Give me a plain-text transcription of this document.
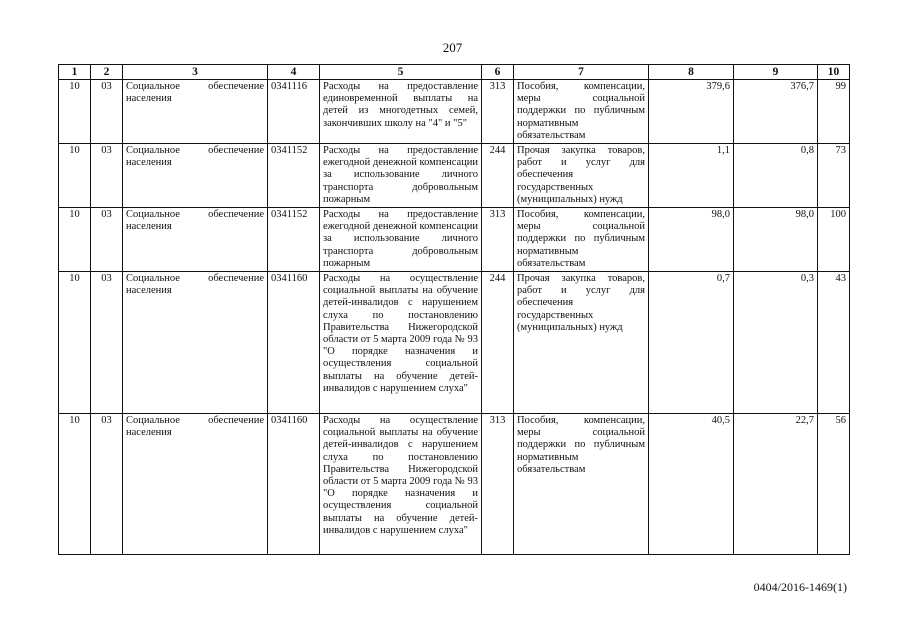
207
1	2	3	4	5	6	7	8	9	10
10	03	Социальное обеспечение населения	0341116	Расходы на предоставление единовременной выплаты на детей из многодетных семей, закончивших школу на "4" и "5"	313	Пособия, компенсации, меры социальной поддержки по публичным нормативным обязательствам	379,6	376,7	99
10	03	Социальное обеспечение населения	0341152	Расходы на предоставление ежегодной денежной компенсации за использование личного транспорта добровольным пожарным	244	Прочая закупка товаров, работ и услуг для обеспечения государственных (муниципальных) нужд	1,1	0,8	73
10	03	Социальное обеспечение населения	0341152	Расходы на предоставление ежегодной денежной компенсации за использование личного транспорта добровольным пожарным	313	Пособия, компенсации, меры социальной поддержки по публичным нормативным обязательствам	98,0	98,0	100
10	03	Социальное обеспечение населения	0341160	Расходы на осуществление социальной выплаты на обучение детей-инвалидов с нарушением слуха по постановлению Правительства Нижегородской области от 5 марта 2009 года № 93 "О порядке назначения и осуществления социальной выплаты на обучение детей-инвалидов с нарушением слуха"	244	Прочая закупка товаров, работ и услуг для обеспечения государственных (муниципальных) нужд	0,7	0,3	43
10	03	Социальное обеспечение населения	0341160	Расходы на осуществление социальной выплаты на обучение детей-инвалидов с нарушением слуха по постановлению Правительства Нижегородской области от 5 марта 2009 года № 93 "О порядке назначения и осуществления социальной выплаты на обучение детей-инвалидов с нарушением слуха"	313	Пособия, компенсации, меры социальной поддержки по публичным нормативным обязательствам	40,5	22,7	56
0404/2016-1469(1)
